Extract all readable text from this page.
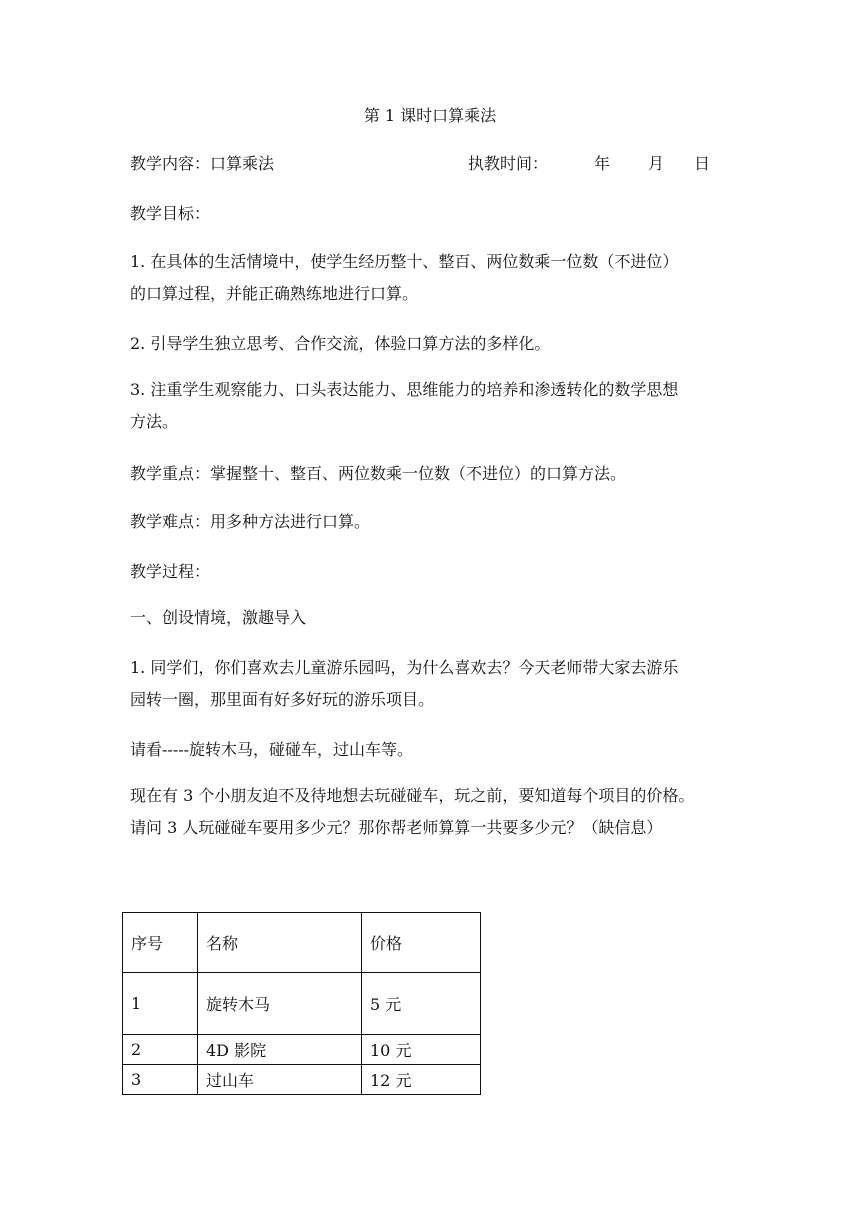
第 1 课时口算乘法
教学内容：口算乘法	执教时间：	年 月 日
教学目标：
1. 在具体的生活情境中，使学生经历整十、整百、两位数乘一位数（不进位）
的口算过程，并能正确熟练地进行口算。
2. 引导学生独立思考、合作交流，体验口算方法的多样化。
3. 注重学生观察能力、口头表达能力、思维能力的培养和渗透转化的数学思想
方法。
教学重点：掌握整十、整百、两位数乘一位数（不进位）的口算方法。
教学难点：用多种方法进行口算。
教学过程：
一、创设情境，激趣导入
1. 同学们，你们喜欢去儿童游乐园吗，为什么喜欢去？今天老师带大家去游乐
园转一圈，那里面有好多好玩的游乐项目。
请看-----旋转木马，碰碰车，过山车等。
现在有 3 个小朋友迫不及待地想去玩碰碰车，玩之前，要知道每个项目的价格。
请问 3 人玩碰碰车要用多少元？那你帮老师算算一共要多少元？（缺信息）
序号	名称	价格
1	旋转木马	5 元
2	4D 影院	10 元
3	过山车	12 元
